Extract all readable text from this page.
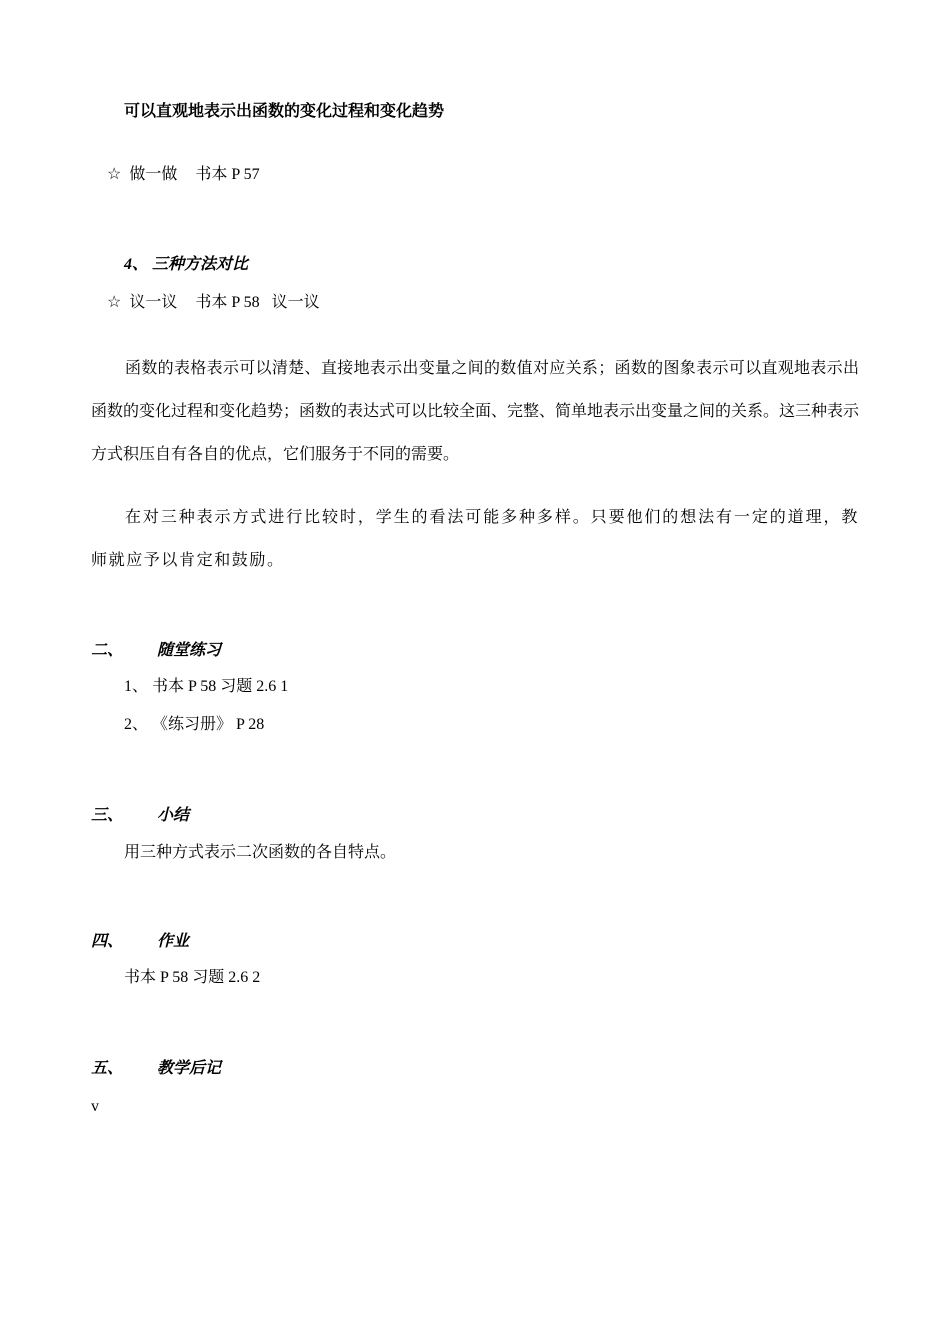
可以直观地表示出函数的变化过程和变化趋势
☆ 做一做 书本 P 57
4、 三种方法对比
☆ 议一议 书本 P 58 议一议

函数的表格表示可以清楚、直接地表示出变量之间的数值对应关系；函数的图象表示可以直观地表示出函数的变化过程和变化趋势；函数的表达式可以比较全面、完整、简单地表示出变量之间的关系。这三种表示方式积压自有各自的优点，它们服务于不同的需要。

在对三种表示方式进行比较时，学生的看法可能多种多样。只要他们的想法有一定的道理，教师就应予以肯定和鼓励。

二、 随堂练习
1、 书本 P 58 习题 2.6 1
2、 《练习册》 P 28
三、 小结
用三种方式表示二次函数的各自特点。
四、 作业
书本 P 58 习题 2.6 2
五、 教学后记
v
